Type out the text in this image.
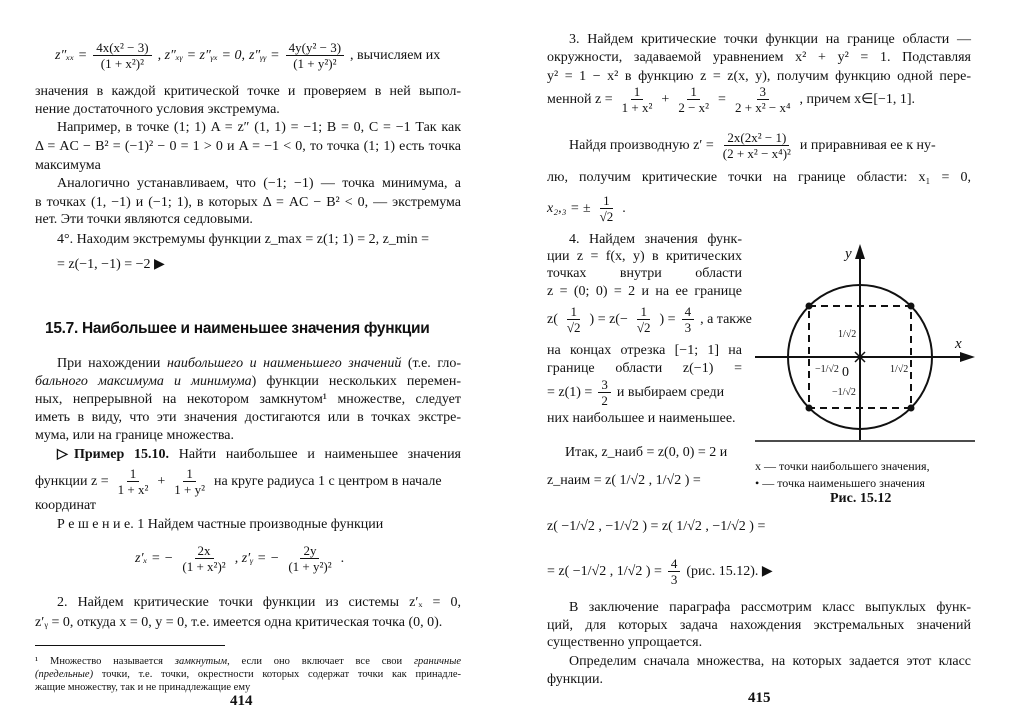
$z''_{xx} = \frac{\text{4x(x² − 3)}}{\text{(1 + x²)²}}$ , z″ₓᵧ = z″ᵧₓ = 0, z″ᵧᵧ = $\frac{\text{4y(y² − 3)}}{\text{(1 + y²)²}}$ , вычисляем их
значения в каждой критической точке и проверяем в ней выпол-
нение достаточного условия экстремума.
Например, в точке (1; 1) A = z″ (1, 1) = −1; B = 0, C = −1 Так как
Δ = AC − B² = (−1)² − 0 = 1 > 0 и A = −1 < 0, то точка (1; 1) есть точка
максимума
Аналогично устанавливаем, что (−1; −1) — точка минимума, а
в точках (1, −1) и (−1; 1), в которых Δ = AC − B² < 0, — экстремума
нет. Эти точки являются седловыми.
4°. Находим экстремумы функции z_max = z(1; 1) = 2, z_min =
= z(−1, −1) = −2 ▶
15.7. Наибольшее и наименьшее значения функции
При нахождении наибольшего и наименьшего значений (т.е. гло-
бального максимума и минимума) функции нескольких перемен-
ных, непрерывной на некотором замкнутом¹ множестве, следует
иметь в виду, что эти значения достигаются или в точках экстре-
мума, или на границе множества.
▷Пример 15.10. Найти наибольшее и наименьшее значения
функции $z = \frac{1}{\text{1 + x²}} + \frac{1}{\text{1 + y²}}$ на круге радиуса 1 с центром в начале
координат
Р е ш е н и е. 1 Найдем частные производные функции
z′ₓ = − $\frac{2x}{\text{(1 + x²)²}}$ , z′ᵧ = − $\frac{2y}{\text{(1 + y²)²}}$ .
2. Найдем критические точки функции из системы z′ₓ = 0,
z′ᵧ = 0, откуда x = 0, y = 0, т.е. имеется одна критическая точка (0, 0).
¹ Множество называется замкнутым, если оно включает все свои граничные
(предельные) точки, т.е. точки, окрестности которых содержат точки как принадле-
жащие множеству, так и не принадлежащие ему
414
3. Найдем критические точки функции на границе области —
окружности, задаваемой уравнением x² + y² = 1. Подставляя
y² = 1 − x² в функцию z = z(x, y), получим функцию одной пере-
менной $z = \frac{1}{\text{1 + x²}} + \frac{1}{\text{2 − x²}} = \frac{3}{\text{2 + x² − x⁴}}$ , причем x∈[−1, 1].
Найдя производную $z' = \frac{\text{2x(2x² − 1)}}{\text{(2 + x² − x⁴)²}}$ и приравнивая ее к ну-
лю, получим критические точки на границе области: x₁ = 0,
x₂,₃ = ± $\frac{1}{√2}$ .
4. Найдем значения функ-
ции z = f(x, y) в критических
точках внутри области
z = (0; 0) = 2 и на ее границе
$z( \frac{1}{√2}$ ) = $z(- \frac{1}{√2}$ ) = $\frac{4}{3}$ , а также
на концах отрезка [−1; 1] на
границе области z(−1) =
= $z(1) = \frac{3}{2}$ и выбираем среди
них наибольшее и наименьшее.
Итак, z_наиб = z(0, 0) = 2 и
z_наим = z( 1/√2 , 1/√2 ) =
z( −1/√2 , −1/√2 ) = z( 1/√2 , −1/√2 ) =
= z( −1/√2 , 1/√2 ) = $\frac{4}{3} (рис$. 15.12). ▶
y
x
1/√2
1/√2
−1/√2
−1/√2
0
x — точки наибольшего значения,
• — точка наименьшего значения
Рис. 15.12
В заключение параграфа рассмотрим класс выпуклых функ-
ций, для которых задача нахождения экстремальных значений
существенно упрощается.
Определим сначала множества, на которых задается этот класс
функции.
415
